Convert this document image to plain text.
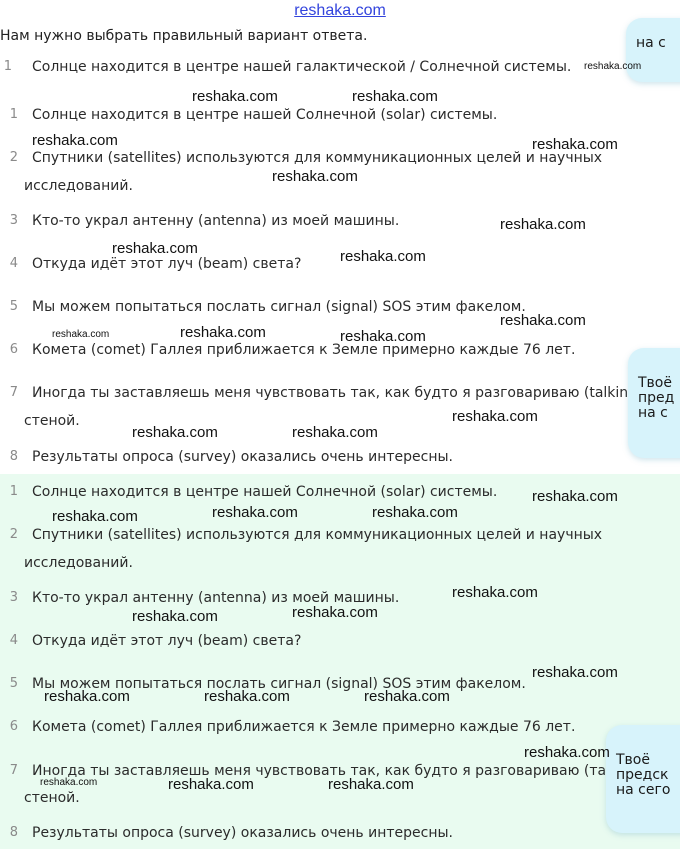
reshaka.com
Нам нужно выбрать правильный вариант ответа.
1 Солнце находится в центре нашей галактической / Солнечной системы.
1 Солнце находится в центре нашей Солнечной (solar) системы.
2 Спутники (satellites) используются для коммуникационных целей и научных
исследований.
3 Кто-то украл антенну (antenna) из моей машины.
4 Откуда идёт этот луч (beam) света?
5 Мы можем попытаться послать сигнал (signal) SOS этим факелом.
6 Комета (comet) Галлея приближается к Земле примерно каждые 76 лет.
7 Иногда ты заставляешь меня чувствовать так, как будто я разговариваю (talkin
стеной.
8 Результаты опроса (survey) оказались очень интересны.
1 Солнце находится в центре нашей Солнечной (solar) системы.
2 Спутники (satellites) используются для коммуникационных целей и научных
исследований.
3 Кто-то украл антенну (antenna) из моей машины.
4 Откуда идёт этот луч (beam) света?
5 Мы можем попытаться послать сигнал (signal) SOS этим факелом.
6 Комета (comet) Галлея приближается к Земле примерно каждые 76 лет.
7 Иногда ты заставляешь меня чувствовать так, как будто я разговариваю (та
стеной.
8 Результаты опроса (survey) оказались очень интересны.
на с
Твоё
пред
на с
Твоё
предск
на сего
reshaka.com
reshaka.com	reshaka.com
reshaka.com	reshaka.com
reshaka.com
reshaka.com
reshaka.com	reshaka.com
reshaka.com
reshaka.com	reshaka.com	reshaka.com
reshaka.com
reshaka.com	reshaka.com
reshaka.com
reshaka.com	reshaka.com	reshaka.com
reshaka.com
reshaka.com	reshaka.com
reshaka.com
reshaka.com	reshaka.com	reshaka.com
reshaka.com
reshaka.com	reshaka.com	reshaka.com
